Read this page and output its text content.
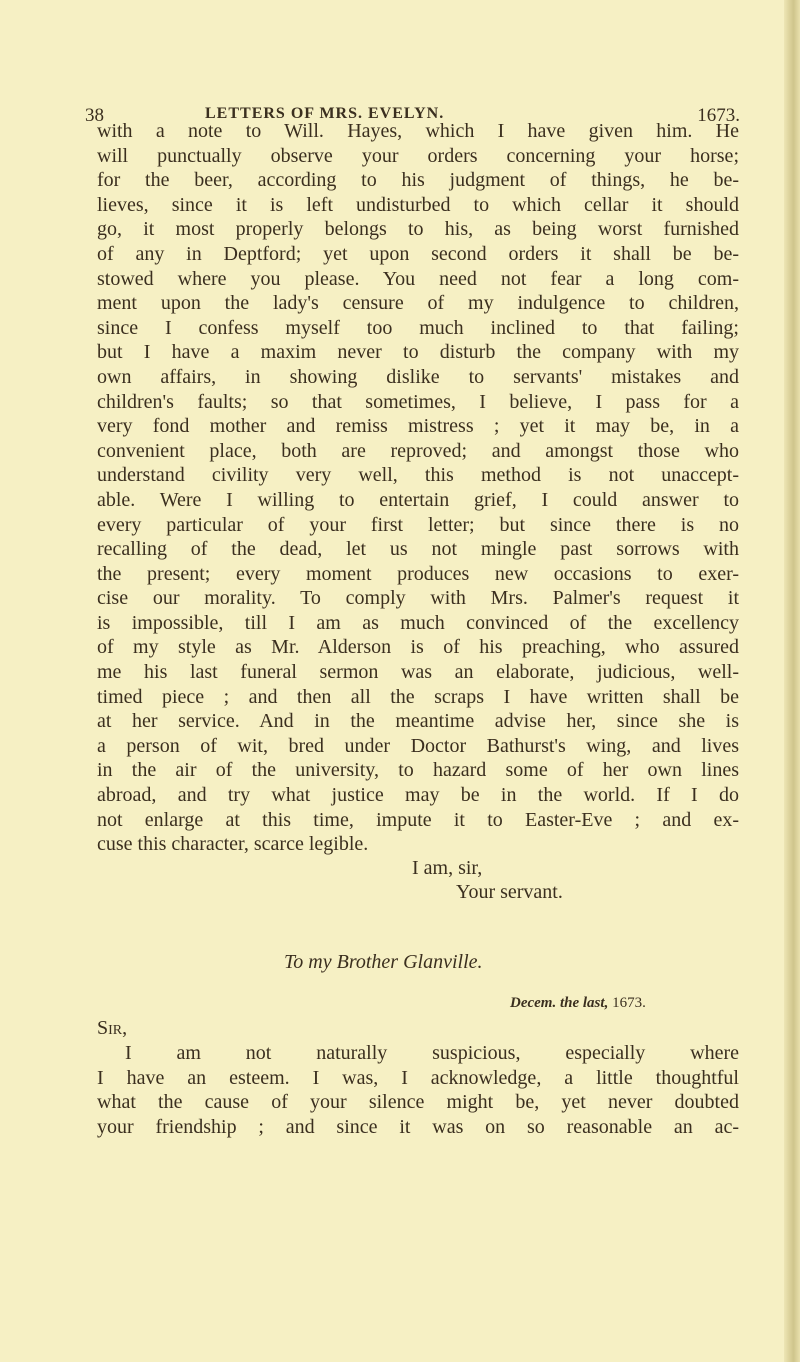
38	LETTERS OF MRS. EVELYN.	1673.
with a note to Will. Hayes, which I have given him. He
will punctually observe your orders concerning your horse;
for the beer, according to his judgment of things, he be-
lieves, since it is left undisturbed to which cellar it should
go, it most properly belongs to his, as being worst furnished
of any in Deptford; yet upon second orders it shall be be-
stowed where you please. You need not fear a long com-
ment upon the lady's censure of my indulgence to children,
since I confess myself too much inclined to that failing;
but I have a maxim never to disturb the company with my
own affairs, in showing dislike to servants' mistakes and
children's faults; so that sometimes, I believe, I pass for a
very fond mother and remiss mistress ; yet it may be, in a
convenient place, both are reproved; and amongst those who
understand civility very well, this method is not unaccept-
able. Were I willing to entertain grief, I could answer to
every particular of your first letter; but since there is no
recalling of the dead, let us not mingle past sorrows with
the present; every moment produces new occasions to exer-
cise our morality. To comply with Mrs. Palmer's request it
is impossible, till I am as much convinced of the excellency
of my style as Mr. Alderson is of his preaching, who assured
me his last funeral sermon was an elaborate, judicious, well-
timed piece ; and then all the scraps I have written shall be
at her service. And in the meantime advise her, since she is
a person of wit, bred under Doctor Bathurst's wing, and lives
in the air of the university, to hazard some of her own lines
abroad, and try what justice may be in the world. If I do
not enlarge at this time, impute it to Easter-Eve ; and ex-
cuse this character, scarce legible.
I am, sir,
Your servant.
To my Brother Glanville.
Decem. the last, 1673.
Sir,
I am not naturally suspicious, especially where
I have an esteem. I was, I acknowledge, a little thoughtful
what the cause of your silence might be, yet never doubted
your friendship ; and since it was on so reasonable an ac-
